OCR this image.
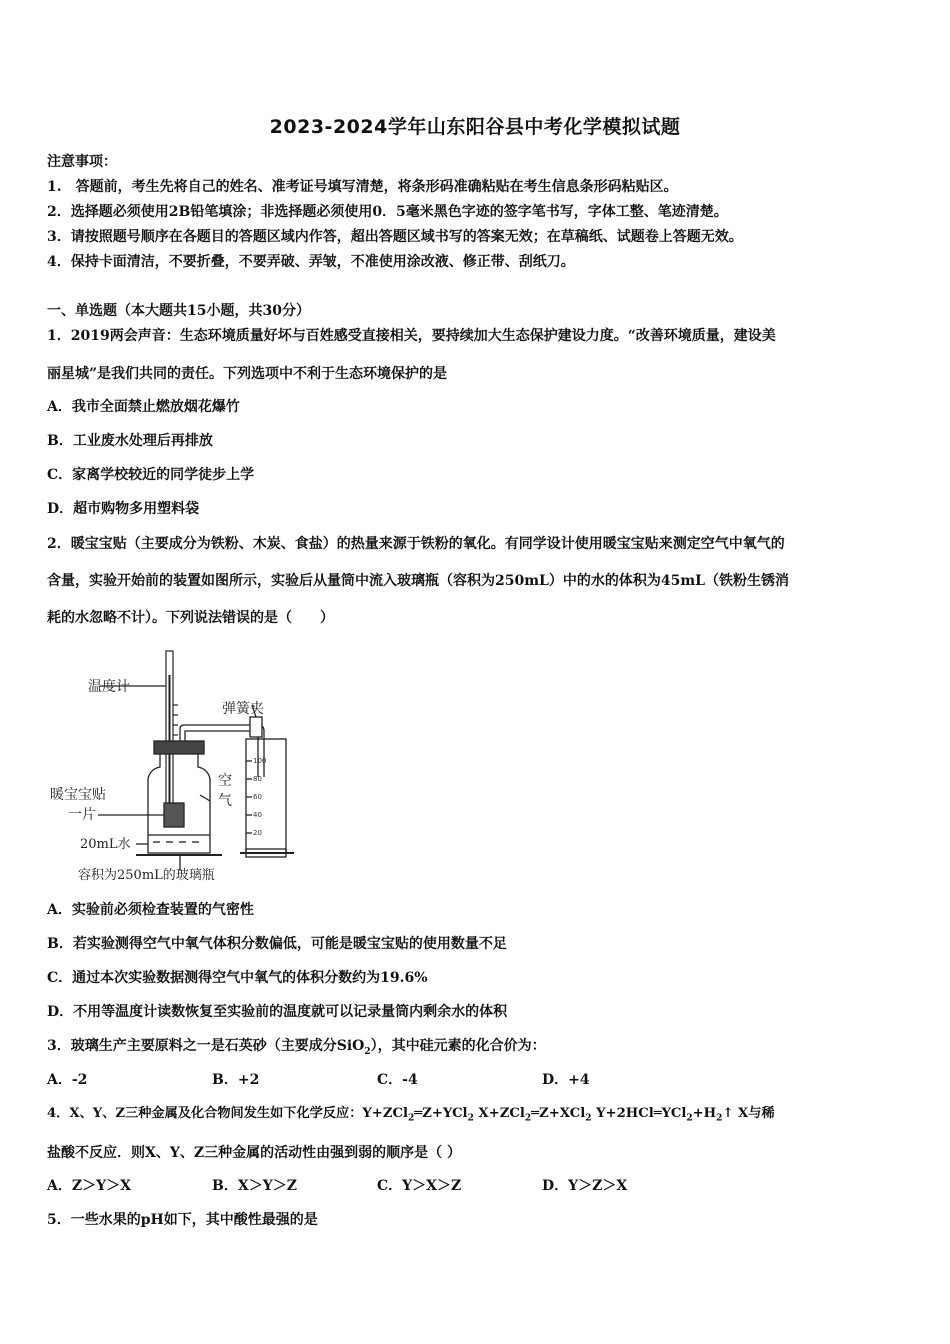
2023-2024学年山东阳谷县中考化学模拟试题
注意事项：
1.　答题前，考生先将自己的姓名、准考证号填写清楚，将条形码准确粘贴在考生信息条形码粘贴区。
2．选择题必须使用2B铅笔填涂；非选择题必须使用0．5毫米黑色字迹的签字笔书写，字体工整、笔迹清楚。
3．请按照题号顺序在各题目的答题区域内作答，超出答题区域书写的答案无效；在草稿纸、试题卷上答题无效。
4．保持卡面清洁，不要折叠，不要弄破、弄皱，不准使用涂改液、修正带、刮纸刀。
一、单选题（本大题共15小题，共30分）
1．2019两会声音：生态环境质量好坏与百姓感受直接相关，要持续加大生态保护建设力度。“改善环境质量，建设美
丽星城”是我们共同的责任。下列选项中不利于生态环境保护的是
A．我市全面禁止燃放烟花爆竹
B．工业废水处理后再排放
C．家离学校较近的同学徒步上学
D．超市购物多用塑料袋
2．暖宝宝贴（主要成分为铁粉、木炭、食盐）的热量来源于铁粉的氧化。有同学设计使用暖宝宝贴来测定空气中氧气的
含量，实验开始前的装置如图所示，实验后从量筒中流入玻璃瓶（容积为250mL）中的水的体积为45mL（铁粉生锈消
耗的水忽略不计）。下列说法错误的是（　　）
100
80
60
40
20
温度计
弹簧夹
空
气
暖宝宝贴
一片
20mL水
容积为250mL的玻璃瓶
A．实验前必须检查装置的气密性
B．若实验测得空气中氧气体积分数偏低，可能是暖宝宝贴的使用数量不足
C．通过本次实验数据测得空气中氧气的体积分数约为19.6%
D．不用等温度计读数恢复至实验前的温度就可以记录量筒内剩余水的体积
3．玻璃生产主要原料之一是石英砂（主要成分SiO$_2$），其中硅元素的化合价为：
A．-2	B．+2	C．-4	D．+4
4．X、Y、Z三种金属及化合物间发生如下化学反应：Y+ZCl$_2$═Z+YCl$_2$ X+ZCl$_2$═Z+XCl$_2$ $Y+2HCl═YCl_2+H_2↑$ X与稀
盐酸不反应．则X、Y、Z三种金属的活动性由强到弱的顺序是（ ）
A．Z＞Y＞X	B．X＞Y＞Z	C．Y＞X＞Z	D．Y＞Z＞X
5．一些水果的pH如下，其中酸性最强的是
